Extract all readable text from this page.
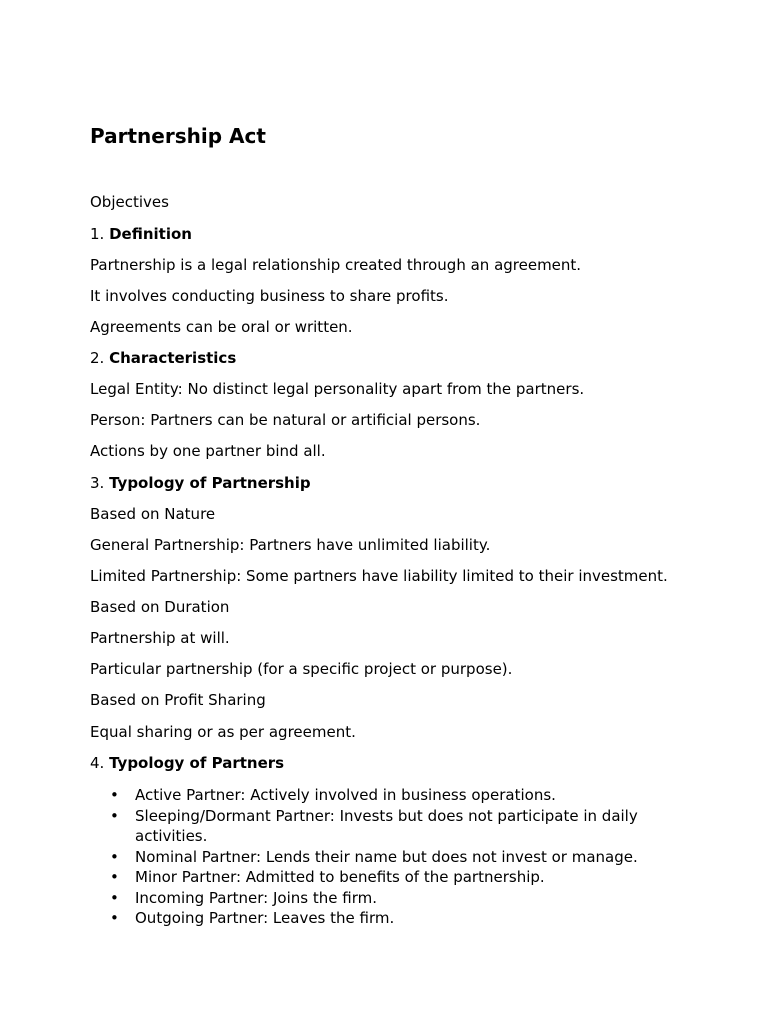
Partnership Act

Objectives

1. Definition

Partnership is a legal relationship created through an agreement.

It involves conducting business to share profits.

Agreements can be oral or written.

2. Characteristics

Legal Entity: No distinct legal personality apart from the partners.

Person: Partners can be natural or artificial persons.

Actions by one partner bind all.

3. Typology of Partnership

Based on Nature

General Partnership: Partners have unlimited liability.

Limited Partnership: Some partners have liability limited to their investment.

Based on Duration

Partnership at will.

Particular partnership (for a specific project or purpose).

Based on Profit Sharing

Equal sharing or as per agreement.

4. Typology of Partners

• Active Partner: Actively involved in business operations.
• Sleeping/Dormant Partner: Invests but does not participate in daily activities.
• Nominal Partner: Lends their name but does not invest or manage.
• Minor Partner: Admitted to benefits of the partnership.
• Incoming Partner: Joins the firm.
• Outgoing Partner: Leaves the firm.
